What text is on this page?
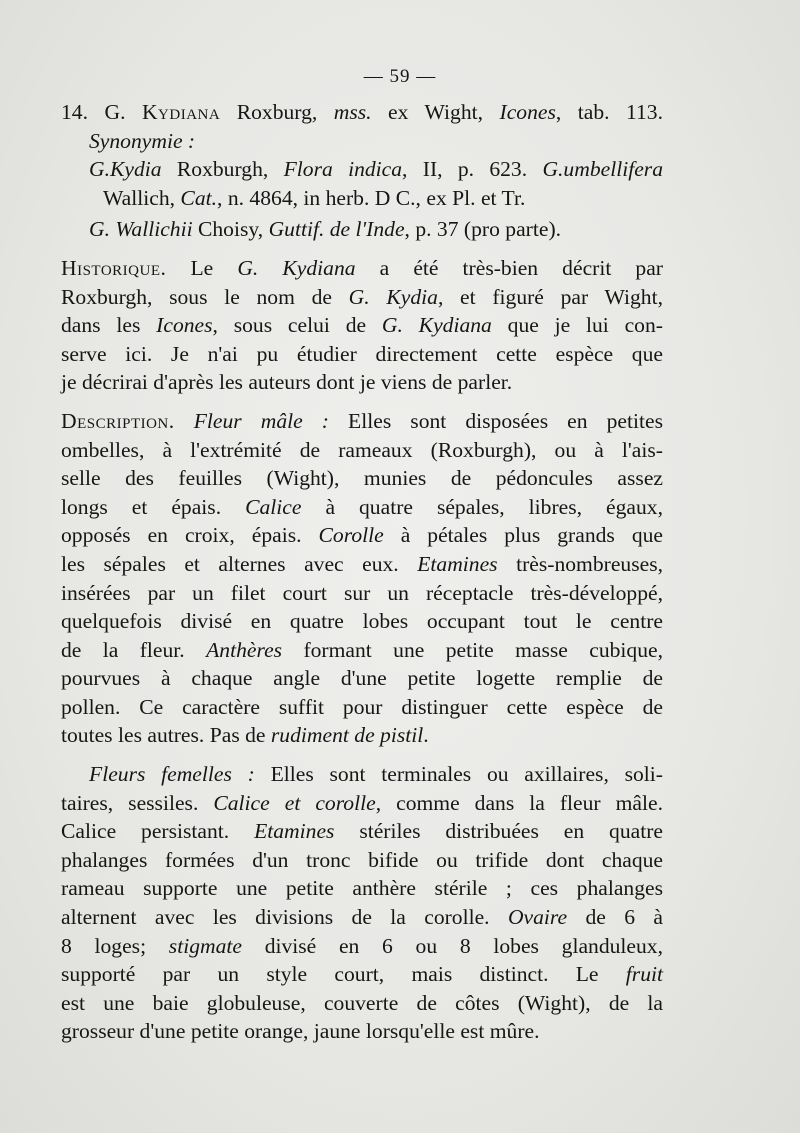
— 59 —
14. G. Kydiana Roxburg, mss. ex Wight, Icones, tab. 113.
Synonymie :
G.Kydia Roxburgh, Flora indica, II, p. 623. G.umbellifera
Wallich, Cat., n. 4864, in herb. D C., ex Pl. et Tr.
G. Wallichii Choisy, Guttif. de l'Inde, p. 37 (pro parte).
Historique. Le G. Kydiana a été très-bien décrit par
Roxburgh, sous le nom de G. Kydia, et figuré par Wight,
dans les Icones, sous celui de G. Kydiana que je lui con-
serve ici. Je n'ai pu étudier directement cette espèce que
je décrirai d'après les auteurs dont je viens de parler.
Description. Fleur mâle : Elles sont disposées en petites
ombelles, à l'extrémité de rameaux (Roxburgh), ou à l'ais-
selle des feuilles (Wight), munies de pédoncules assez
longs et épais. Calice à quatre sépales, libres, égaux,
opposés en croix, épais. Corolle à pétales plus grands que
les sépales et alternes avec eux. Etamines très-nombreuses,
insérées par un filet court sur un réceptacle très-développé,
quelquefois divisé en quatre lobes occupant tout le centre
de la fleur. Anthères formant une petite masse cubique,
pourvues à chaque angle d'une petite logette remplie de
pollen. Ce caractère suffit pour distinguer cette espèce de
toutes les autres. Pas de rudiment de pistil.
Fleurs femelles : Elles sont terminales ou axillaires, soli-
taires, sessiles. Calice et corolle, comme dans la fleur mâle.
Calice persistant. Etamines stériles distribuées en quatre
phalanges formées d'un tronc bifide ou trifide dont chaque
rameau supporte une petite anthère stérile ; ces phalanges
alternent avec les divisions de la corolle. Ovaire de 6 à
8 loges; stigmate divisé en 6 ou 8 lobes glanduleux,
supporté par un style court, mais distinct. Le fruit
est une baie globuleuse, couverte de côtes (Wight), de la
grosseur d'une petite orange, jaune lorsqu'elle est mûre.
